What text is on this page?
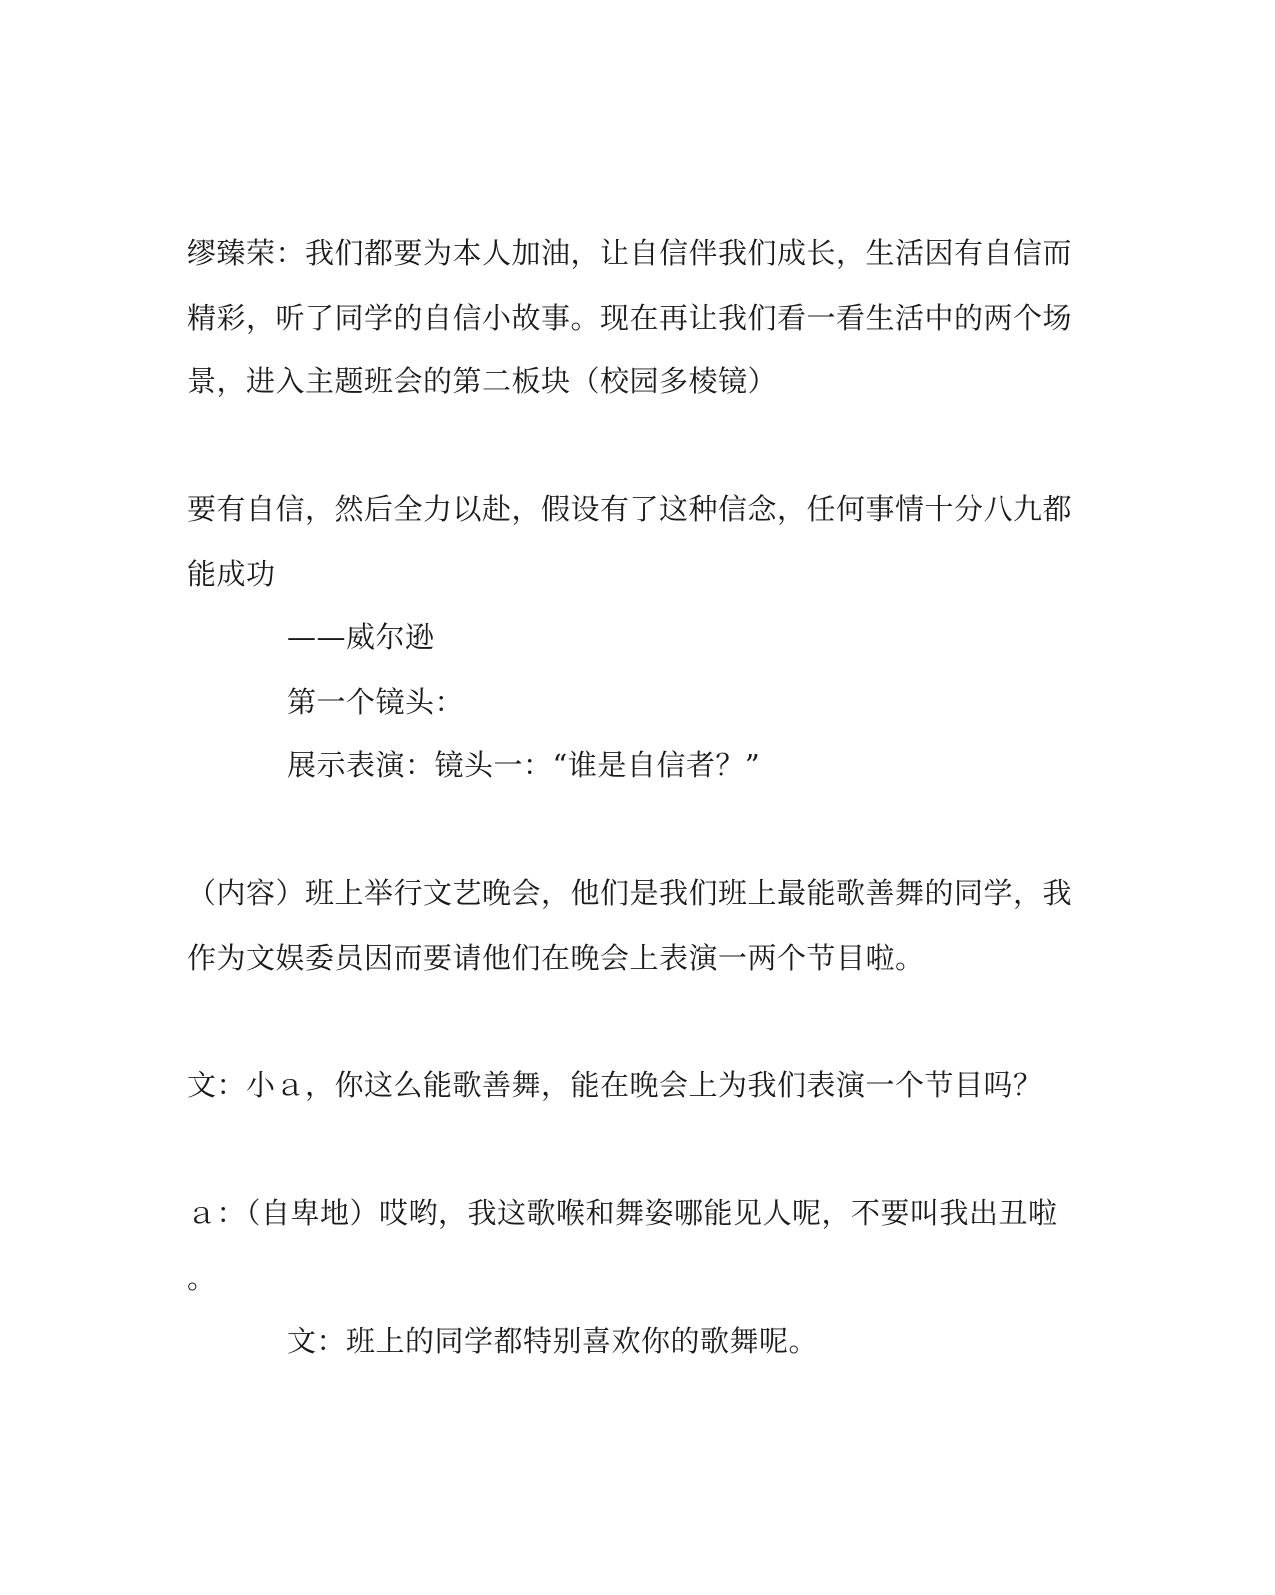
缪臻荣：我们都要为本人加油，让自信伴我们成长，生活因有自信而
精彩，听了同学的自信小故事。现在再让我们看一看生活中的两个场
景，进入主题班会的第二板块（校园多棱镜）
要有自信，然后全力以赴，假设有了这种信念，任何事情十分八九都
能成功
——威尔逊
第一个镜头：
展示表演：镜头一：“谁是自信者？”
（内容）班上举行文艺晚会，他们是我们班上最能歌善舞的同学，我
作为文娱委员因而要请他们在晚会上表演一两个节目啦。
文：小ａ，你这么能歌善舞，能在晚会上为我们表演一个节目吗？
ａ：（自卑地）哎哟，我这歌喉和舞姿哪能见人呢，不要叫我出丑啦
。
文：班上的同学都特别喜欢你的歌舞呢。
